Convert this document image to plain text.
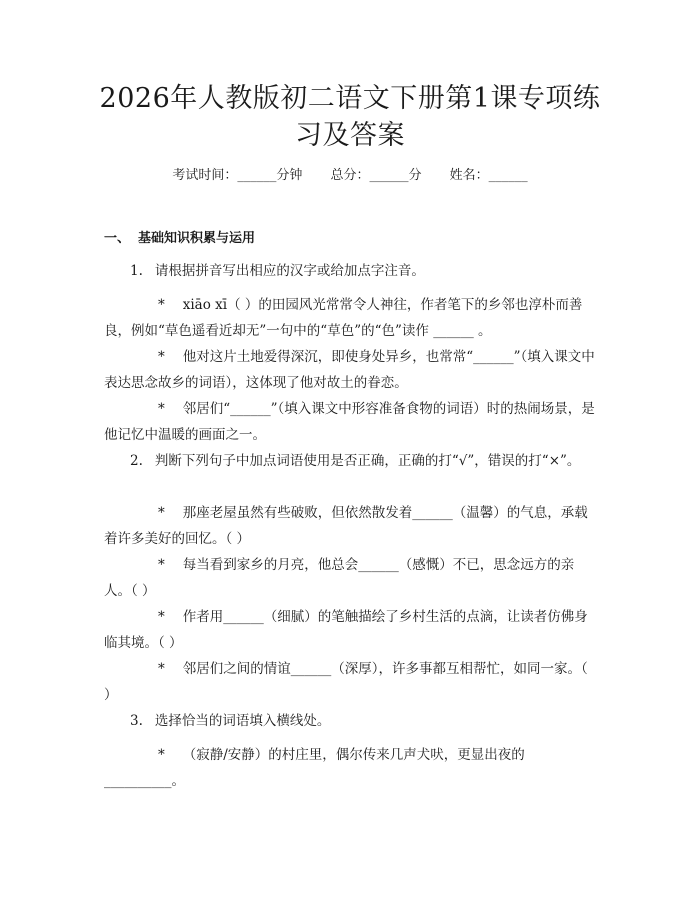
2026年人教版初二语文下册第1课专项练习及答案
考试时间：______分钟 总分：______分 姓名：______
一、 基础知识积累与运用
1. 请根据拼音写出相应的汉字或给加点字注音。
* xiāo xī（ ）的田园风光常常令人神往，作者笔下的乡邻也淳朴而善良，例如“草色遥看近却无”一句中的“草色”的“色”读作 ______ 。
* 他对这片土地爱得深沉，即使身处异乡，也常常“______”（填入课文中表达思念故乡的词语），这体现了他对故土的眷恋。
* 邻居们“______”（填入课文中形容准备食物的词语）时的热闹场景，是他记忆中温暖的画面之一。
2. 判断下列句子中加点词语使用是否正确，正确的打“√”，错误的打“×”。
* 那座老屋虽然有些破败，但依然散发着______（温馨）的气息，承载着许多美好的回忆。（ ）
* 每当看到家乡的月亮，他总会______（感慨）不已，思念远方的亲人。（ ）
* 作者用______（细腻）的笔触描绘了乡村生活的点滴，让读者仿佛身临其境。（ ）
* 邻居们之间的情谊______（深厚），许多事都互相帮忙，如同一家。（ ）
3. 选择恰当的词语填入横线处。
* （寂静/安静）的村庄里，偶尔传来几声犬吠，更显出夜的__________。
